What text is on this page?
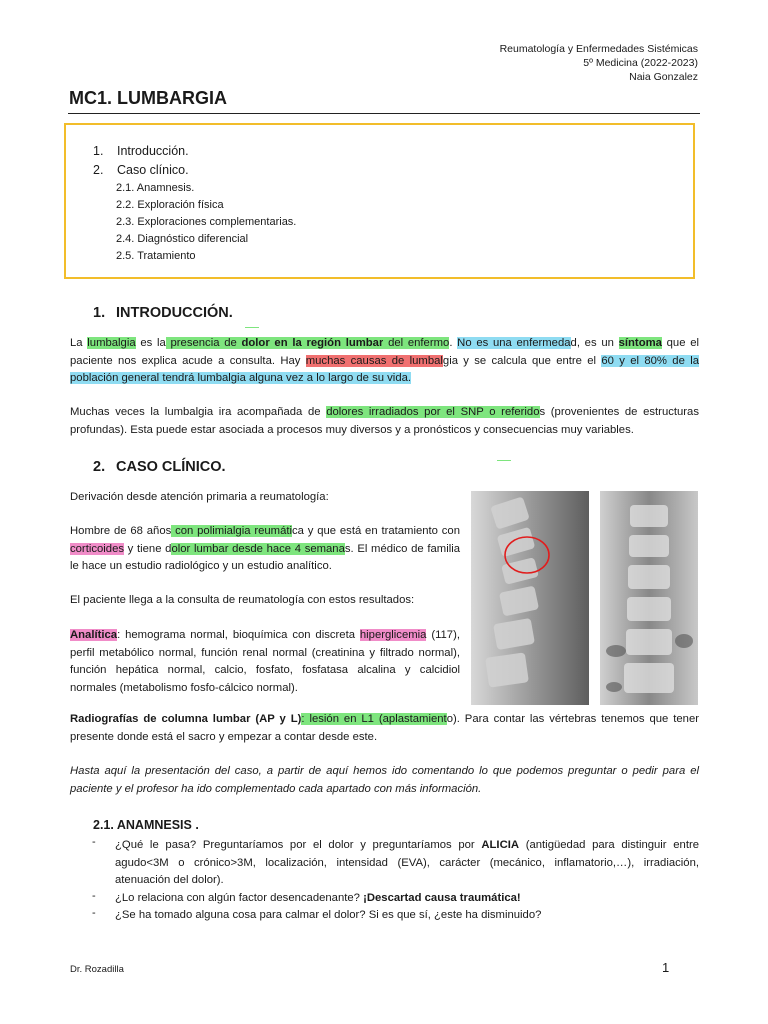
Reumatología y Enfermedades Sistémicas
5º Medicina (2022-2023)
Naia Gonzalez
MC1. LUMBARGIA
1. Introducción.
2. Caso clínico.
2.1. Anamnesis.
2.2. Exploración física
2.3. Exploraciones complementarias.
2.4. Diagnóstico diferencial
2.5. Tratamiento
1. INTRODUCCIÓN.
La lumbalgia es la presencia de dolor en la región lumbar del enfermo. No es una enfermedad, es un síntoma que el paciente nos explica acude a consulta. Hay muchas causas de lumbalgia y se calcula que entre el 60 y el 80% de la población general tendrá lumbalgia alguna vez a lo largo de su vida.
Muchas veces la lumbalgia ira acompañada de dolores irradiados por el SNP o referidos (provenientes de estructuras profundas). Esta puede estar asociada a procesos muy diversos y a pronósticos y consecuencias muy variables.
2. CASO CLÍNICO.
Derivación desde atención primaria a reumatología:
Hombre de 68 años con polimialgia reumática y que está en tratamiento con corticoides y tiene dolor lumbar desde hace 4 semanas. El médico de familia le hace un estudio radiológico y un estudio analítico.
El paciente llega a la consulta de reumatología con estos resultados:
Analítica: hemograma normal, bioquímica con discreta hiperglicemia (117), perfil metabólico normal, función renal normal (creatinina y filtrado normal), función hepática normal, calcio, fosfato, fosfatasa alcalina y calcidiol normales (metabolismo fosfo-cálcico normal).
Radiografías de columna lumbar (AP y L): lesión en L1 (aplastamiento). Para contar las vértebras tenemos que tener presente donde está el sacro y empezar a contar desde este.
Hasta aquí la presentación del caso, a partir de aquí hemos ido comentando lo que podemos preguntar o pedir para el paciente y el profesor ha ido complementado cada apartado con más información.
2.1. ANAMNESIS .
- ¿Qué le pasa? Preguntaríamos por el dolor y preguntaríamos por ALICIA (antigüedad para distinguir entre agudo<3M o crónico>3M, localización, intensidad (EVA), carácter (mecánico, inflamatorio,…), irradiación, atenuación del dolor).
- ¿Lo relaciona con algún factor desencadenante? ¡Descartad causa traumática!
- ¿Se ha tomado alguna cosa para calmar el dolor? Si es que sí, ¿este ha disminuido?
Dr. Rozadilla	1
